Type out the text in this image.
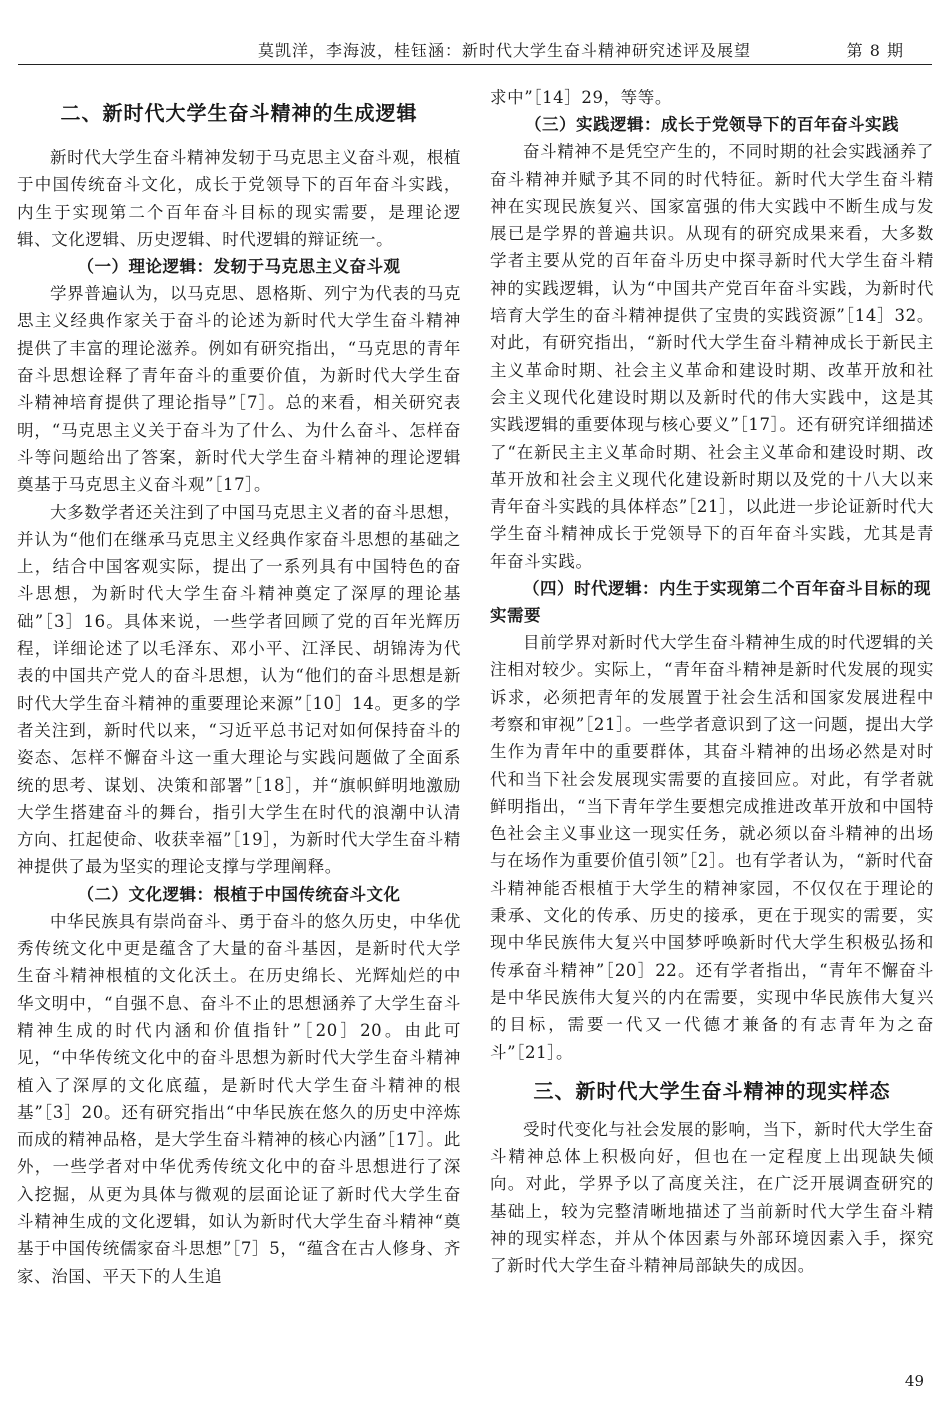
莫凯洋，李海波，桂钰涵：新时代大学生奋斗精神研究述评及展望	第 8 期
二、新时代大学生奋斗精神的生成逻辑

新时代大学生奋斗精神发轫于马克思主义奋斗观，根植于中国传统奋斗文化，成长于党领导下的百年奋斗实践，内生于实现第二个百年奋斗目标的现实需要，是理论逻辑、文化逻辑、历史逻辑、时代逻辑的辩证统一。

（一）理论逻辑：发轫于马克思主义奋斗观

学界普遍认为，以马克思、恩格斯、列宁为代表的马克思主义经典作家关于奋斗的论述为新时代大学生奋斗精神提供了丰富的理论滋养。例如有研究指出，“马克思的青年奋斗思想诠释了青年奋斗的重要价值，为新时代大学生奋斗精神培育提供了理论指导”［7］。总的来看，相关研究表明，“马克思主义关于奋斗为了什么、为什么奋斗、怎样奋斗等问题给出了答案，新时代大学生奋斗精神的理论逻辑奠基于马克思主义奋斗观”［17］。

大多数学者还关注到了中国马克思主义者的奋斗思想，并认为“他们在继承马克思主义经典作家奋斗思想的基础之上，结合中国客观实际，提出了一系列具有中国特色的奋斗思想，为新时代大学生奋斗精神奠定了深厚的理论基础”［3］16。具体来说，一些学者回顾了党的百年光辉历程，详细论述了以毛泽东、邓小平、江泽民、胡锦涛为代表的中国共产党人的奋斗思想，认为“他们的奋斗思想是新时代大学生奋斗精神的重要理论来源”［10］14。更多的学者关注到，新时代以来，“习近平总书记对如何保持奋斗的姿态、怎样不懈奋斗这一重大理论与实践问题做了全面系统的思考、谋划、决策和部署”［18］，并“旗帜鲜明地激励大学生搭建奋斗的舞台，指引大学生在时代的浪潮中认清方向、扛起使命、收获幸福”［19］，为新时代大学生奋斗精神提供了最为坚实的理论支撑与学理阐释。

（二）文化逻辑：根植于中国传统奋斗文化

中华民族具有崇尚奋斗、勇于奋斗的悠久历史，中华优秀传统文化中更是蕴含了大量的奋斗基因，是新时代大学生奋斗精神根植的文化沃土。在历史绵长、光辉灿烂的中华文明中，“自强不息、奋斗不止的思想涵养了大学生奋斗精神生成的时代内涵和价值指针”［20］20。由此可见，“中华传统文化中的奋斗思想为新时代大学生奋斗精神植入了深厚的文化底蕴，是新时代大学生奋斗精神的根基”［3］20。还有研究指出“中华民族在悠久的历史中淬炼而成的精神品格，是大学生奋斗精神的核心内涵”［17］。此外，一些学者对中华优秀传统文化中的奋斗思想进行了深入挖掘，从更为具体与微观的层面论证了新时代大学生奋斗精神生成的文化逻辑，如认为新时代大学生奋斗精神“奠基于中国传统儒家奋斗思想”［7］5，“蕴含在古人修身、齐家、治国、平天下的人生追

求中”［14］29，等等。

（三）实践逻辑：成长于党领导下的百年奋斗实践

奋斗精神不是凭空产生的，不同时期的社会实践涵养了奋斗精神并赋予其不同的时代特征。新时代大学生奋斗精神在实现民族复兴、国家富强的伟大实践中不断生成与发展已是学界的普遍共识。从现有的研究成果来看，大多数学者主要从党的百年奋斗历史中探寻新时代大学生奋斗精神的实践逻辑，认为“中国共产党百年奋斗实践，为新时代培育大学生的奋斗精神提供了宝贵的实践资源”［14］32。对此，有研究指出，“新时代大学生奋斗精神成长于新民主主义革命时期、社会主义革命和建设时期、改革开放和社会主义现代化建设时期以及新时代的伟大实践中，这是其实践逻辑的重要体现与核心要义”［17］。还有研究详细描述了“在新民主主义革命时期、社会主义革命和建设时期、改革开放和社会主义现代化建设新时期以及党的十八大以来青年奋斗实践的具体样态”［21］，以此进一步论证新时代大学生奋斗精神成长于党领导下的百年奋斗实践，尤其是青年奋斗实践。

（四）时代逻辑：内生于实现第二个百年奋斗目标的现实需要

目前学界对新时代大学生奋斗精神生成的时代逻辑的关注相对较少。实际上，“青年奋斗精神是新时代发展的现实诉求，必须把青年的发展置于社会生活和国家发展进程中考察和审视”［21］。一些学者意识到了这一问题，提出大学生作为青年中的重要群体，其奋斗精神的出场必然是对时代和当下社会发展现实需要的直接回应。对此，有学者就鲜明指出，“当下青年学生要想完成推进改革开放和中国特色社会主义事业这一现实任务，就必须以奋斗精神的出场与在场作为重要价值引领”［2］。也有学者认为，“新时代奋斗精神能否根植于大学生的精神家园，不仅仅在于理论的秉承、文化的传承、历史的接承，更在于现实的需要，实现中华民族伟大复兴中国梦呼唤新时代大学生积极弘扬和传承奋斗精神”［20］22。还有学者指出，“青年不懈奋斗是中华民族伟大复兴的内在需要，实现中华民族伟大复兴的目标，需要一代又一代德才兼备的有志青年为之奋斗”［21］。

三、新时代大学生奋斗精神的现实样态

受时代变化与社会发展的影响，当下，新时代大学生奋斗精神总体上积极向好，但也在一定程度上出现缺失倾向。对此，学界予以了高度关注，在广泛开展调查研究的基础上，较为完整清晰地描述了当前新时代大学生奋斗精神的现实样态，并从个体因素与外部环境因素入手，探究了新时代大学生奋斗精神局部缺失的成因。

49
